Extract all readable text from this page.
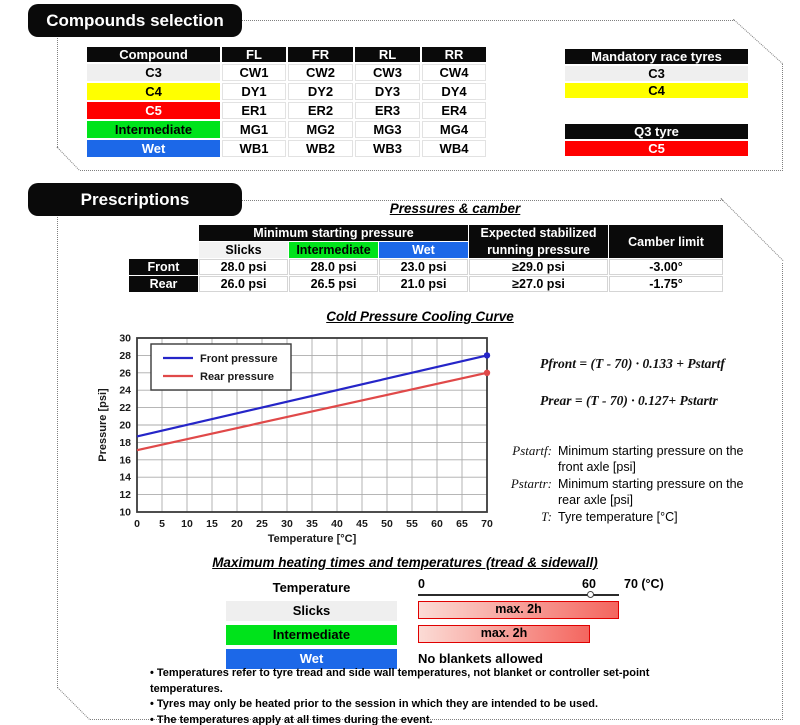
Compounds selection
Compound	FL	FR	RL	RR
C3	CW1	CW2	CW3	CW4
C4	DY1	DY2	DY3	DY4
C5	ER1	ER2	ER3	ER4
Intermediate	MG1	MG2	MG3	MG4
Wet	WB1	WB2	WB3	WB4
Mandatory race tyres
C3
C4
Q3 tyre
C5
Prescriptions	Pressures & camber
	Minimum starting pressure			Expected stabilized running pressure	Camber limit
	Slicks	Intermediate	Wet		
Front	28.0 psi	28.0 psi	23.0 psi	≥29.0 psi	-3.00°
Rear	26.0 psi	26.5 psi	21.0 psi	≥27.0 psi	-1.75°
Cold Pressure Cooling Curve
0 5 10 15 20 25 30 35 40 45 50 55 60 65 70
10
12
14
16
18
20
22
24
26
28
30
Front pressure
Rear pressure
Temperature [°C]
Pressure [psi]
Pfront = (T - 70) · 0.133 + Pstartf
Prear = (T - 70) · 0.127+ Pstartr
Pstartf: Minimum starting pressure on the front axle [psi]
Pstartr: Minimum starting pressure on the rear axle [psi]
T: Tyre temperature [°C]
Maximum heating times and temperatures (tread & sidewall)
Temperature	0	60	70 (°C)
Slicks	max. 2h
Intermediate	max. 2h
Wet	No blankets allowed
• Temperatures refer to tyre tread and side wall temperatures, not blanket or controller set-point temperatures.
• Tyres may only be heated prior to the session in which they are intended to be used.
• The temperatures apply at all times during the event.
